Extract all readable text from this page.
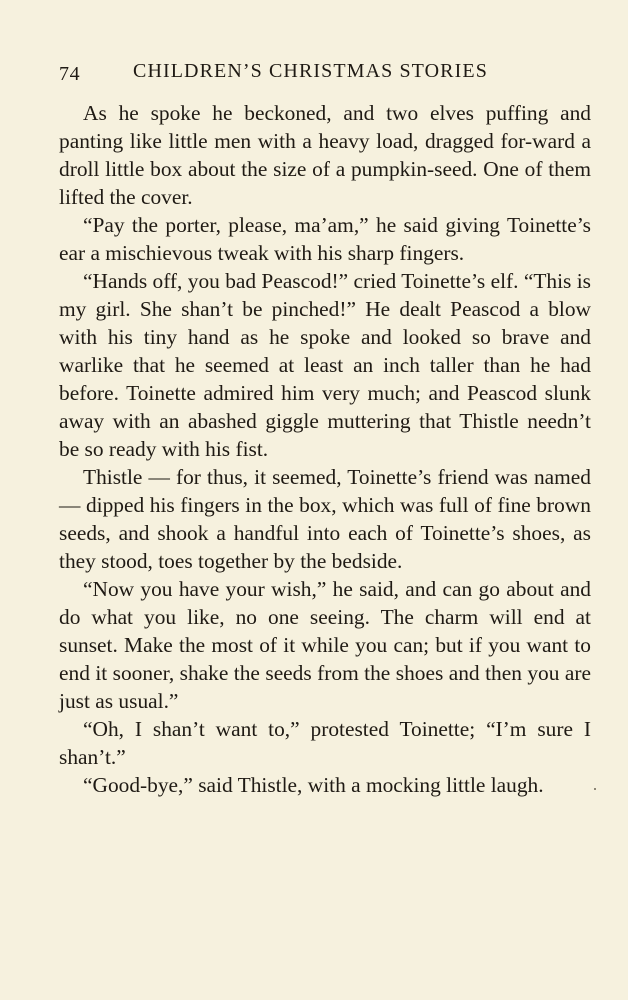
74	CHILDREN’S CHRISTMAS STORIES

As he spoke he beckoned, and two elves puffing and panting like little men with a heavy load, dragged for-ward a droll little box about the size of a pumpkin-seed. One of them lifted the cover.

“Pay the porter, please, ma’am,” he said giving Toinette’s ear a mischievous tweak with his sharp fingers.

“Hands off, you bad Peascod!” cried Toinette’s elf. “This is my girl. She shan’t be pinched!” He dealt Peascod a blow with his tiny hand as he spoke and looked so brave and warlike that he seemed at least an inch taller than he had before. Toinette admired him very much; and Peascod slunk away with an abashed giggle muttering that Thistle needn’t be so ready with his fist.

Thistle — for thus, it seemed, Toinette’s friend was named — dipped his fingers in the box, which was full of fine brown seeds, and shook a handful into each of Toinette’s shoes, as they stood, toes together by the bedside.

“Now you have your wish,” he said, and can go about and do what you like, no one seeing. The charm will end at sunset. Make the most of it while you can; but if you want to end it sooner, shake the seeds from the shoes and then you are just as usual.”

“Oh, I shan’t want to,” protested Toinette; “I’m sure I shan’t.”

“Good-bye,” said Thistle, with a mocking little laugh.
